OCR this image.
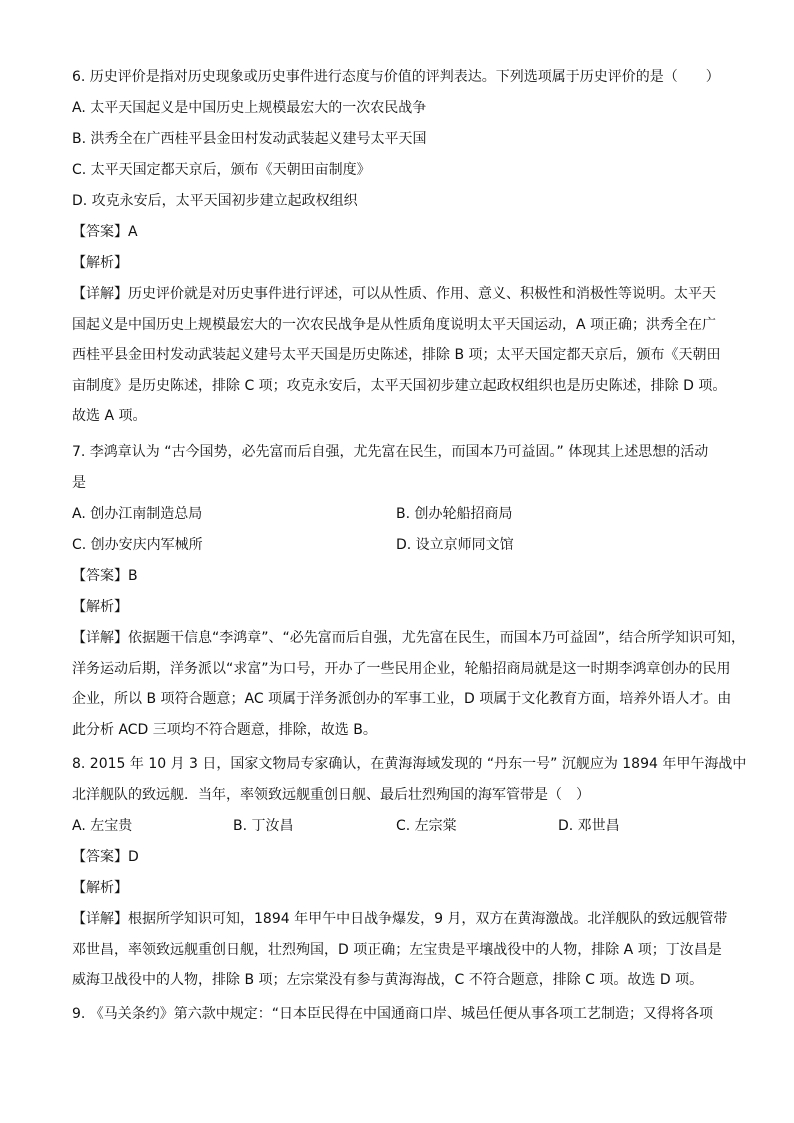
6. 历史评价是指对历史现象或历史事件进行态度与价值的评判表达。下列选项属于历史评价的是（　　）
A. 太平天国起义是中国历史上规模最宏大的一次农民战争
B. 洪秀全在广西桂平县金田村发动武装起义建号太平天国
C. 太平天国定都天京后，颁布《天朝田亩制度》
D. 攻克永安后，太平天国初步建立起政权组织
【答案】A
【解析】
【详解】历史评价就是对历史事件进行评述，可以从性质、作用、意义、积极性和消极性等说明。太平天
国起义是中国历史上规模最宏大的一次农民战争是从性质角度说明太平天国运动，A 项正确；洪秀全在广
西桂平县金田村发动武装起义建号太平天国是历史陈述，排除 B 项；太平天国定都天京后，颁布《天朝田
亩制度》是历史陈述，排除 C 项；攻克永安后，太平天国初步建立起政权组织也是历史陈述，排除 D 项。
故选 A 项。
7. 李鸿章认为 “古今国势，必先富而后自强，尤先富在民生，而国本乃可益固。” 体现其上述思想的活动
是
A. 创办江南制造总局	B. 创办轮船招商局
C. 创办安庆内军械所	D. 设立京师同文馆
【答案】B
【解析】
【详解】依据题干信息“李鸿章”、“必先富而后自强，尤先富在民生，而国本乃可益固”，结合所学知识可知，
洋务运动后期，洋务派以“求富”为口号，开办了一些民用企业，轮船招商局就是这一时期李鸿章创办的民用
企业，所以 B 项符合题意；AC 项属于洋务派创办的军事工业，D 项属于文化教育方面，培养外语人才。由
此分析 ACD 三项均不符合题意，排除，故选 B。
8. 2015 年 10 月 3 日，国家文物局专家确认，在黄海海域发现的 “丹东一号” 沉舰应为 1894 年甲午海战中
北洋舰队的致远舰．当年，率领致远舰重创日舰、最后壮烈殉国的海军管带是（　）
A. 左宝贵	B. 丁汝昌	C. 左宗棠	D. 邓世昌
【答案】D
【解析】
【详解】根据所学知识可知，1894 年甲午中日战争爆发，9 月，双方在黄海激战。北洋舰队的致远舰管带
邓世昌，率领致远舰重创日舰，壮烈殉国，D 项正确；左宝贵是平壤战役中的人物，排除 A 项；丁汝昌是
威海卫战役中的人物，排除 B 项；左宗棠没有参与黄海海战，C 不符合题意，排除 C 项。故选 D 项。
9. 《马关条约》第六款中规定：“日本臣民得在中国通商口岸、城邑任便从事各项工艺制造；又得将各项
